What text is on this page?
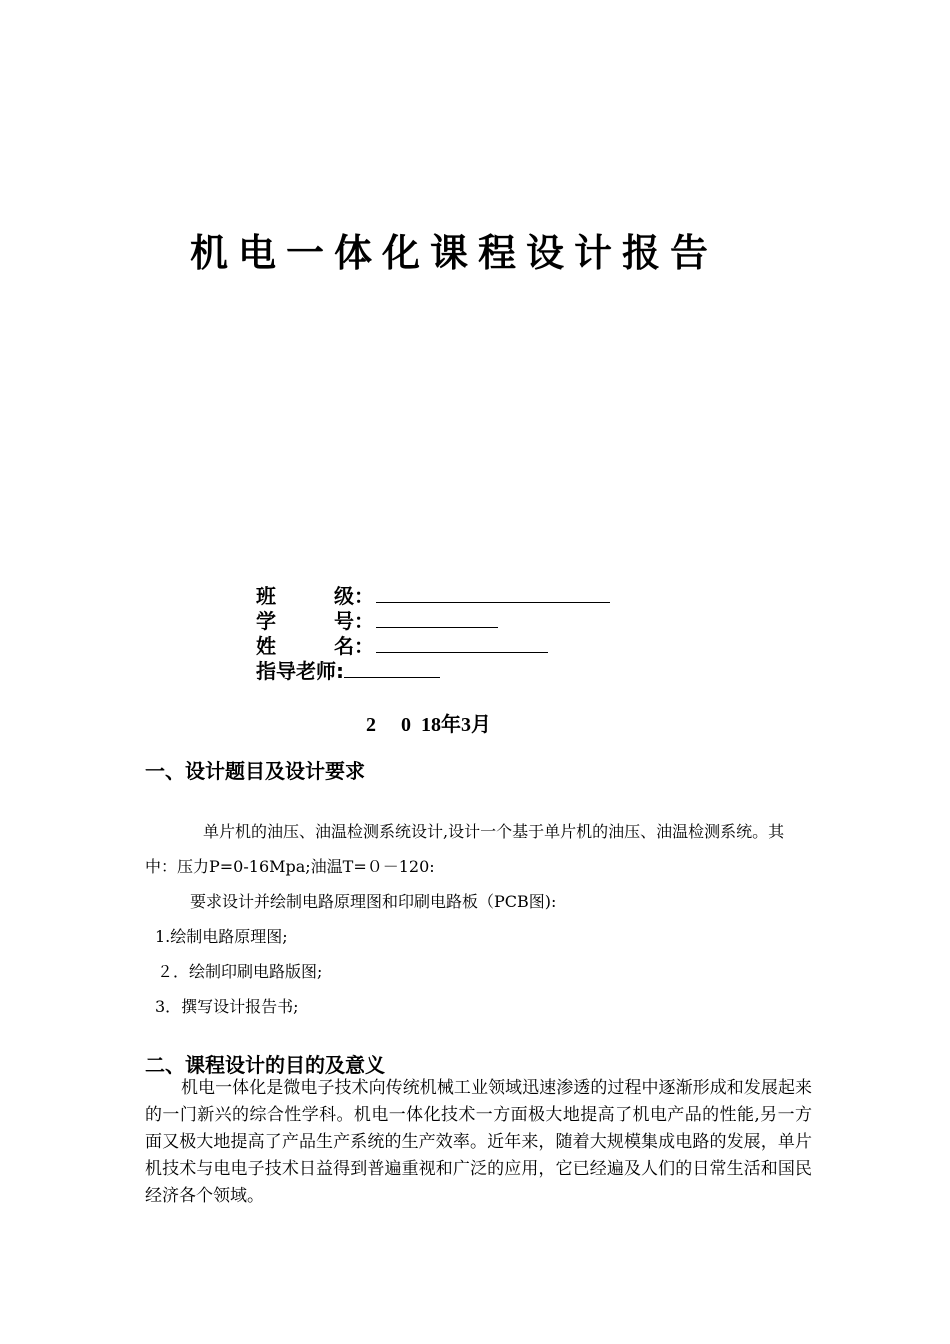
机电一体化课程设计报告
班	级：
学	号：
姓	名：
指导老师:
2 018年3月
一、设计题目及设计要求

单片机的油压、油温检测系统设计,设计一个基于单片机的油压、油温检测系统。其中：压力P=0-16Mpa;油温T=０－120:

要求设计并绘制电路原理图和印刷电路板（PCB图):

1.绘制电路原理图;

２．绘制印刷电路版图;

3．撰写设计报告书;

二、课程设计的目的及意义

机电一体化是微电子技术向传统机械工业领域迅速渗透的过程中逐渐形成和发展起来的一门新兴的综合性学科。机电一体化技术一方面极大地提高了机电产品的性能,另一方面又极大地提高了产品生产系统的生产效率。近年来，随着大规模集成电路的发展，单片机技术与电电子技术日益得到普遍重视和广泛的应用，它已经遍及人们的日常生活和国民经济各个领域。
